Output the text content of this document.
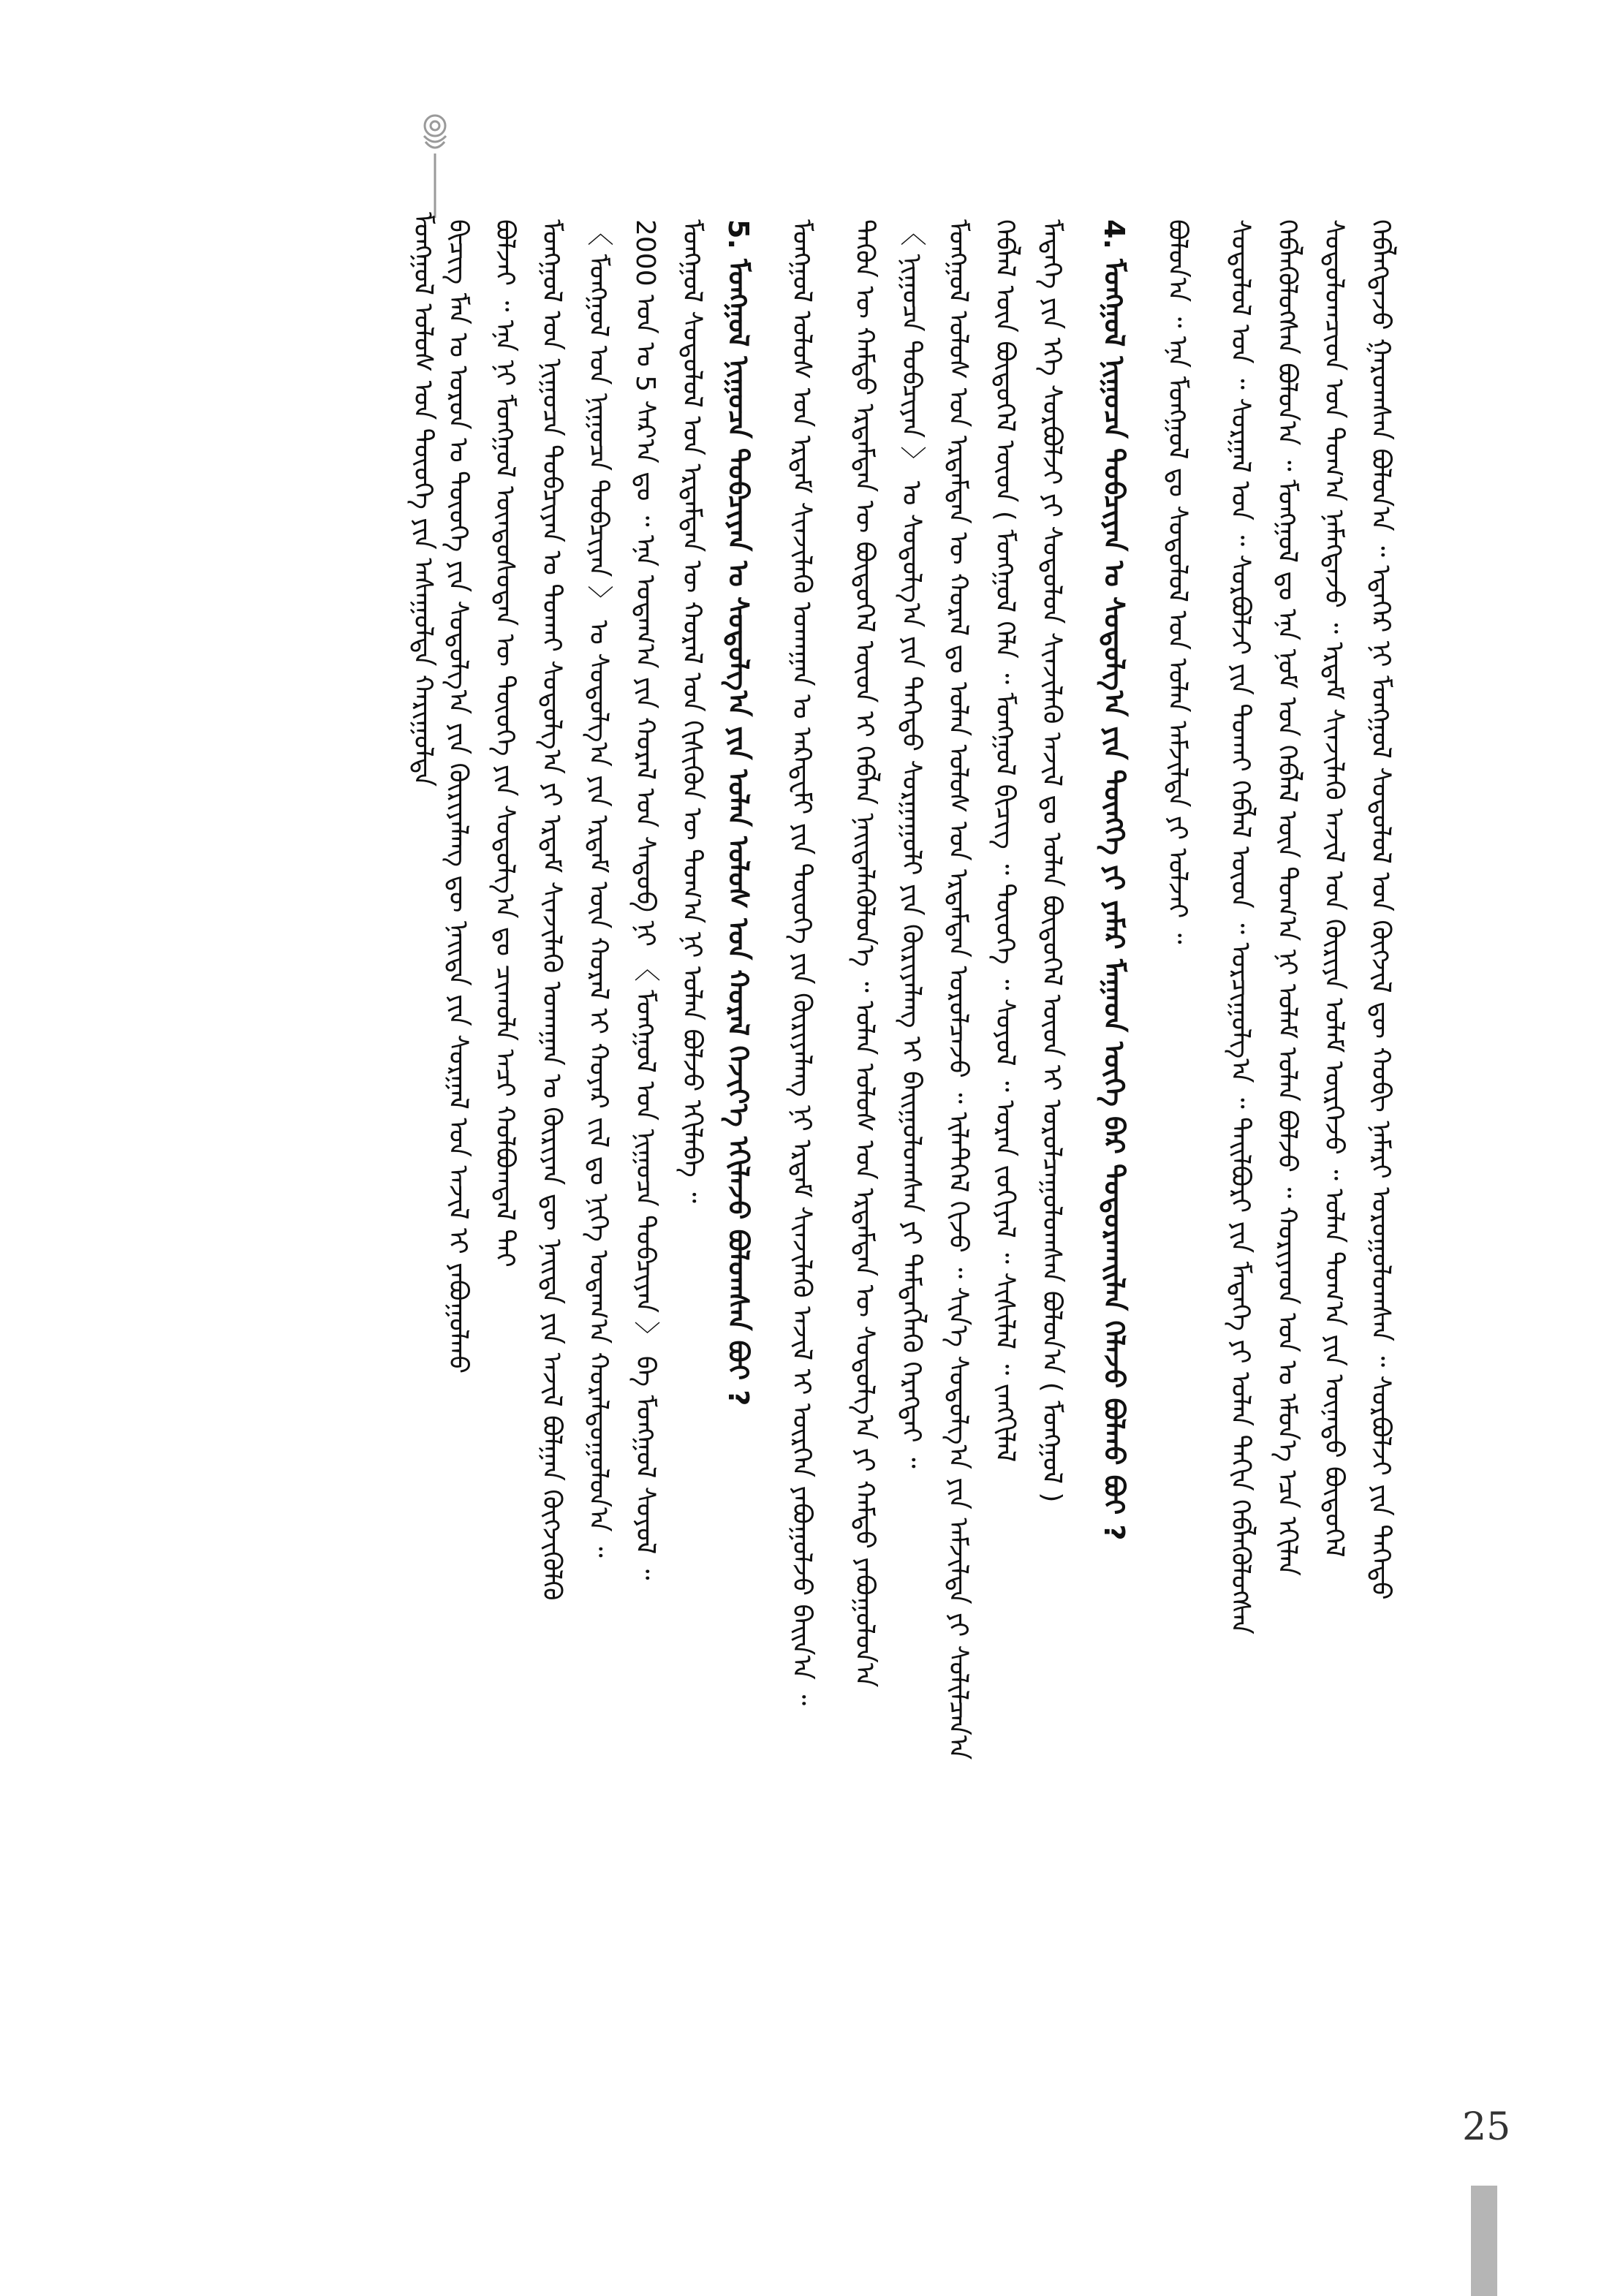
ᠮᠣᠩᠭᠣᠯ ᠤᠯᠤᠰ ᠤᠨ ᠲᠦᠦᠬᠡ ᠶᠢᠨ ᠠᠰᠠᠭᠤᠯᠲᠠ ᠬᠠᠷᠢᠭᠤᠯᠲᠠ ᠪᠢᠴᠢᠭ ᠮᠠᠨ ᠤ ᠣᠷᠣᠨ ᠤ ᠲᠦᠦᠬᠡ ᠶᠢᠨ ᠰᠤᠳᠤᠯᠭ᠎ᠠ ᠶᠢᠨ ᠬᠦᠷᠢᠶᠡᠯᠡᠩ ᠳᠦ ᠨᠡᠢᠲᠡ ᠶᠢᠨ ᠰᠤᠷᠭᠠᠯ ᠤᠨ ᠠᠵᠢᠯ ᠢ ᠶᠠᠪᠤᠭᠤᠯᠬᠤ ᠪᠣᠯᠵᠠᠢ ᠃ ᠡᠨᠡ ᠨᠢ ᠮᠣᠩᠭᠣᠯ ᠦᠨᠳᠦᠰᠦᠲᠡᠨ ᠦ ᠲᠦᠦᠬᠡ ᠶᠢᠨ ᠰᠤᠳᠤᠯᠭ᠎ᠠ ᠳᠤ ᠴᠢᠬᠤᠯᠠ ᠠᠴᠢ ᠬᠣᠯᠪᠣᠭᠳᠠᠯ ᠲᠠᠢ ᠮᠣᠩᠭᠣᠯ ᠤᠨ ᠨᠢᠭᠤᠴᠠ ᠲᠣᠪᠴᠢᠶᠠᠨ ᠤ ᠲᠤᠬᠠᠢ ᠰᠤᠳᠤᠯᠭ᠎ᠠ ᠶᠢ ᠡᠷᠳᠡᠮ ᠰᠢᠨᠵᠢᠯᠡᠬᠦ ᠤᠬᠠᠭᠠᠨ ᠤ ᠬᠦᠷᠢᠶᠡᠨ ᠳᠦ ᠨᠡᠢᠲᠡ ᠶᠢᠨ ᠠᠵᠢᠯ ᠪᠣᠯᠭᠠᠨ ᠬᠦᠭᠵᠢᠭᠦᠯᠬᠦ 〈 ᠮᠣᠩᠭᠣᠯ ᠤᠨ ᠨᠢᠭᠤᠴᠠ ᠲᠣᠪᠴᠢᠶᠠᠨ 〉 ᠤ ᠰᠤᠳᠤᠯᠭ᠎ᠠ ᠶᠢᠨ ᠡᠷᠳᠡᠮ ᠦᠨ ᠬᠤᠷᠠᠯ ᠢ ᠬᠣᠶᠠᠷ ᠵᠢᠯ ᠳᠤ ᠨᠢᠭᠡ ᠤᠳᠠᠭ᠎ᠠ ᠬᠤᠷᠠᠯᠳᠤᠭᠤᠯᠤᠨ᠎ᠠ ᠃ 2000 ᠣᠨ ᠤ 5 ᠰᠠᠷ᠎ᠠ ᠳᠤ ᠃ ᠡᠨᠡ ᠤᠳᠠᠭ᠎ᠠ ᠶᠢᠨ ᠬᠤᠷᠠᠯ ᠤᠨ ᠰᠡᠳᠦᠪ ᠨᠢ 〈 ᠮᠣᠩᠭᠣᠯ ᠤᠨ ᠨᠢᠭᠤᠴᠠ ᠲᠣᠪᠴᠢᠶᠠᠨ 〉 ᠪᠠ ᠮᠣᠩᠭᠣᠯ ᠰᠤᠶᠤᠯ ᠃ ᠮᠣᠩᠭᠣᠯ ᠰᠤᠳᠤᠯᠤᠯ ᠤᠨ ᠡᠷᠳᠡᠮᠲᠡᠨ ᠦ ᠬᠤᠷᠠᠯ ᠤᠨ ᠭᠢᠰᠢᠭᠦᠨ ᠦ ᠲᠣᠭ᠎ᠠ ᠨᠢ ᠣᠯᠠᠨ ᠪᠣᠯᠵᠤ ᠡᠬᠢᠯᠡᠪᠡ ᠃ 5. ᠮᠣᠩᠭᠣᠯ ᠨᠢᠭᠤᠴᠠ ᠲᠣᠪᠴᠢᠶᠠᠨ ᠤ ᠰᠤᠳᠤᠯᠭ᠎ᠠ ᠶᠢᠨ ᠣᠯᠠᠨ ᠤᠯᠤᠰ ᠤᠨ ᠬᠤᠷᠠᠯ ᠬᠡᠵᠢᠶ᠎ᠡ ᠡᠬᠢᠯᠡᠵᠦ ᠪᠣᠯᠤᠭᠰᠠᠨ ᠪᠤᠢ ? ᠮᠣᠩᠭᠣᠯ ᠤᠯᠤᠰ ᠤᠨ ᠡᠷᠳᠡᠮ ᠰᠢᠨᠵᠢᠯᠡᠬᠦ ᠤᠬᠠᠭᠠᠨ ᠤ ᠠᠺᠠᠳ᠋ᠧᠮᠢ ᠶᠢᠨ ᠲᠦᠦᠬᠡ ᠶᠢᠨ ᠬᠦᠷᠢᠶᠡᠯᠡᠩ ᠨᠢ ᠡᠷᠳᠡᠮ ᠰᠢᠨᠵᠢᠯᠡᠬᠦ ᠠᠵᠢᠯ ᠢ ᠥᠷᠭᠡᠨ ᠶᠠᠪᠤᠭᠤᠯᠵᠤ ᠪᠠᠢᠨ᠎ᠠ ᠃ ᠲᠡᠭᠦᠨ ᠦ ᠬᠠᠮᠲᠤ ᠡᠷᠳᠡᠮᠲᠡᠨ ᠦ ᠪᠦᠲᠦᠭᠡᠯ ᠦᠳ ᠢ ᠬᠡᠪᠯᠡᠨ ᠨᠡᠢᠲᠡᠯᠡᠭᠦᠯᠦᠨ᠎ᠡ ᠃ ᠣᠯᠠᠨ ᠤᠯᠤᠰ ᠤᠨ ᠡᠷᠳᠡᠮᠲᠡᠨ ᠦ ᠰᠤᠳᠤᠯᠭ᠎ᠠ ᠶᠢ ᠬᠠᠮᠲᠤ ᠶᠠᠪᠤᠭᠤᠯᠤᠨ᠎ᠠ 〈 ᠨᠢᠭᠤᠴᠠ ᠲᠣᠪᠴᠢᠶᠠᠨ 〉 ᠤ ᠰᠤᠳᠤᠯᠭ᠎ᠠ ᠶᠢᠨ ᠳᠡᠭᠡᠳᠦ ᠰᠤᠷᠭᠠᠭᠤᠯᠢ ᠶᠢᠨ ᠬᠦᠷᠢᠶᠡᠯᠡᠩ ᠢ ᠪᠠᠢᠭᠤᠯᠤᠭᠰᠠᠨ ᠶᠢ ᠲᠡᠮᠳᠡᠭᠯᠡᠬᠦ ᠬᠡᠷᠡᠭᠲᠡᠢ ᠃ ᠮᠣᠩᠭᠣᠯ ᠤᠯᠤᠰ ᠤᠨ ᠡᠷᠳᠡᠮᠲᠡᠨ ᠦ ᠬᠤᠷᠠᠯ ᠳᠤ ᠣᠯᠠᠨ ᠤᠯᠤᠰ ᠤᠨ ᠡᠷᠳᠡᠮᠲᠡᠨ ᠣᠷᠣᠯᠴᠠᠵᠤ ᠃ ᠢᠯᠡᠲᠬᠡᠯ ᠬᠢᠵᠦ ᠃ ᠰᠢᠨ᠎ᠡ ᠰᠤᠳᠤᠯᠭ᠎ᠠ ᠶᠢᠨ ᠠᠮᠵᠢᠯᠲᠠ ᠶᠢ ᠰᠣᠯᠢᠯᠴᠠᠨ᠎ᠠ ᠬᠡᠪᠯᠡᠯ ᠦᠨ ᠪᠦᠲᠦᠭᠡᠯ ᠦᠳ ( ᠮᠣᠩᠭᠣᠯ ᠬᠡᠯᠡ ᠃ ᠮᠣᠩᠭᠣᠯ ᠪᠢᠴᠢᠭ ᠃ ᠲᠦᠦᠬᠡ ᠃ ᠰᠣᠶᠣᠯ ᠃ ᠤᠷᠠᠨ ᠵᠣᠬᠢᠶᠠᠯ ᠃ ᠰᠢᠰᠢᠯᠡᠯ ᠃ ᠵᠠᠩᠬᠢᠯᠠᠯ ᠮᠡᠳᠡᠭᠡ ᠶᠢᠨ ᠡᠬᠡ ᠰᠤᠷᠪᠤᠯᠵᠢ ᠶᠢ ᠰᠤᠳᠤᠯᠤᠨ ᠰᠢᠨᠵᠢᠯᠡᠬᠦ ᠠᠵᠢᠯ ᠳᠤ ᠣᠯᠠᠨ ᠪᠦᠲᠦᠭᠡᠯ ᠦᠳ ᠢ ᠣᠷᠣᠯᠴᠠᠭᠤᠯᠤᠭᠰᠠᠨ ᠪᠣᠯᠤᠨ᠎ᠠ ( ᠮᠣᠩᠭᠣᠯ ) 4. ᠮᠣᠩᠭᠣᠯ ᠨᠢᠭᠤᠴᠠ ᠲᠣᠪᠴᠢᠶᠠᠨ ᠤ ᠰᠤᠳᠤᠯᠭ᠎ᠠ ᠶᠢᠨ ᠳᠦᠩᠭᠡ ᠶᠢ ᠶᠠᠮᠠᠷ ᠮᠠᠭᠠᠳ ᠦᠭᠡ ᠪᠡᠷ ᠲᠣᠳᠤᠷᠬᠠᠢᠯᠠᠨ ᠬᠡᠯᠡᠵᠦ ᠪᠣᠯᠬᠤ ᠪᠤᠢ ? ᠪᠣᠯᠤᠨ᠎ᠠ ᠃ ᠡᠨᠡ ᠮᠣᠩᠭᠣᠯ ᠳᠤ ᠰᠤᠳᠤᠯᠤᠯ ᠤᠨ ᠣᠯᠠᠨ ᠠᠮᠵᠢᠯᠲᠠ ᠶᠢ ᠣᠯᠵᠠᠢ ᠃ ᠰᠤᠳᠤᠯᠤᠯ ᠤᠨ ᠃ ᠰᠤᠷᠭᠠᠯ ᠤᠨ ᠃ ᠰᠤᠷᠪᠤᠯᠵᠢ ᠶᠢᠨ ᠲᠤᠬᠠᠢ ᠬᠡᠪᠯᠡᠯ ᠦᠳ ᠃ ᠣᠷᠴᠢᠭᠤᠯᠭ᠎ᠠ ᠃ ᠲᠠᠢᠯᠪᠤᠷᠢ ᠶᠢᠨ ᠮᠡᠳᠡᠭᠡ ᠶᠢ ᠣᠯᠠᠨ ᠳᠠᠬᠢᠨ ᠬᠡᠪᠯᠡᠭᠦᠯᠦᠭᠰᠡᠨ ᠬᠡᠪᠯᠡᠭᠦᠯᠦᠭᠰᠡᠨ ᠪᠣᠯᠤᠨ᠎ᠠ ᠃ ᠮᠣᠩᠭᠣᠯ ᠳᠤ ᠡᠨᠡ ᠨᠣᠮ ᠤᠨ ᠬᠡᠪᠯᠡᠯ ᠦᠨ ᠲᠣᠭ᠎ᠠ ᠨᠢ ᠤᠯᠠᠮ ᠣᠯᠠᠨ ᠪᠣᠯᠵᠤ ᠃ ᠬᠣᠷᠢᠶᠠᠳ ᠣᠨ ᠤ ᠡᠮᠦᠨ᠎ᠡ ᠡᠴᠡ ᠡᠬᠢᠯᠡᠨ ᠰᠤᠳᠤᠯᠤᠭᠴᠢᠳ ᠤᠨ ᠲᠣᠭ᠎ᠠ ᠨᠡᠮᠡᠭᠳᠡᠵᠦ ᠃ ᠡᠷᠳᠡᠮ ᠰᠢᠨᠵᠢᠯᠡᠬᠦ ᠠᠵᠢᠯ ᠤᠨ ᠬᠦᠷᠢᠶᠡ ᠤᠯᠠᠮ ᠥᠷᠭᠡᠵᠦ ᠃ ᠣᠯᠠᠨ ᠲᠣᠭ᠎ᠠ ᠶᠢᠨ ᠦᠨᠡᠲᠦ ᠪᠦᠲᠦᠭᠡᠯ ᠬᠡᠪᠯᠡᠭᠳᠡᠵᠦ ᠭᠠᠷᠤᠭᠰᠠᠨ ᠪᠣᠯᠤᠨ᠎ᠠ ᠃ ᠡᠳᠡᠭᠡᠷ ᠨᠢ ᠮᠣᠩᠭᠣᠯ ᠰᠤᠳᠤᠯᠤᠯ ᠤᠨ ᠬᠥᠭᠵᠢᠯ ᠳᠦ ᠬᠤᠪᠢ ᠨᠡᠮᠡᠷᠢ ᠣᠷᠣᠭᠤᠯᠤᠭᠰᠠᠨ ᠃ ᠰᠤᠷᠪᠤᠯᠵᠢ ᠶᠢᠨ ᠳᠡᠭᠡᠳᠦ
25
